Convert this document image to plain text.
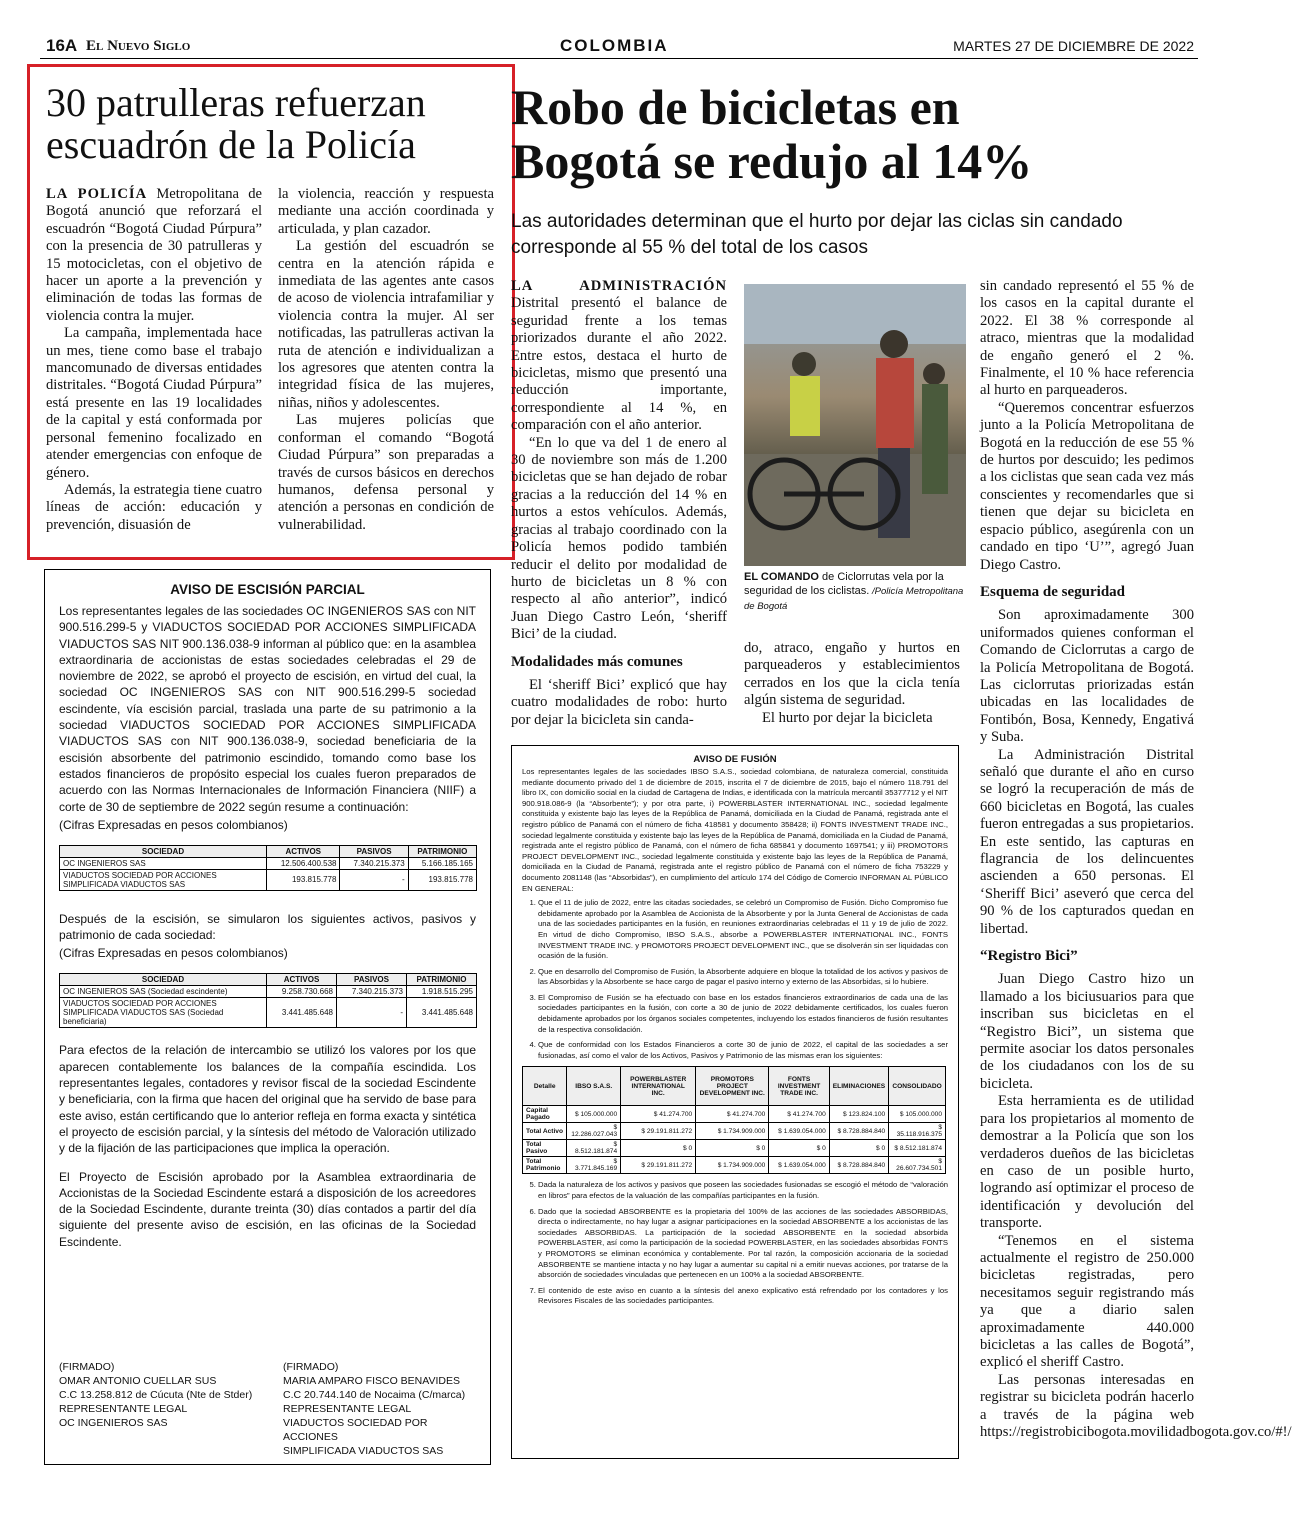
16A El Nuevo Siglo	COLOMBIA	MARTES 27 DE DICIEMBRE DE 2022
30 patrulleras refuerzan
escuadrón de la Policía

LA POLICÍA Metropolitana de Bogotá anunció que reforzará el escuadrón “Bogotá Ciudad Púrpura” con la presencia de 30 patrulleras y 15 motocicletas, con el objetivo de hacer un aporte a la prevención y eliminación de todas las formas de violencia contra la mujer.

La campaña, implementada hace un mes, tiene como base el trabajo mancomunado de diversas entidades distritales. “Bogotá Ciudad Púrpura” está presente en las 19 localidades de la capital y está conformada por personal femenino focalizado en atender emergencias con enfoque de género.

Además, la estrategia tiene cuatro líneas de acción: educación y prevención, disuasión de

la violencia, reacción y respuesta mediante una acción coordinada y articulada, y plan cazador.

La gestión del escuadrón se centra en la atención rápida e inmediata de las agentes ante casos de acoso de violencia intrafamiliar y violencia contra la mujer. Al ser notificadas, las patrulleras activan la ruta de atención e individualizan a los agresores que atenten contra la integridad física de las mujeres, niñas, niños y adolescentes.

Las mujeres policías que conforman el comando “Bogotá Ciudad Púrpura” son preparadas a través de cursos básicos en derechos humanos, defensa personal y atención a personas en condición de vulnerabilidad.

Robo de bicicletas en
Bogotá se redujo al 14%
Las autoridades determinan que el hurto por dejar las ciclas sin candado
corresponde al 55 % del total de los casos

LA ADMINISTRACIÓN Distrital presentó el balance de seguridad frente a los temas priorizados durante el año 2022. Entre estos, destaca el hurto de bicicletas, mismo que presentó una reducción importante, correspondiente al 14 %, en comparación con el año anterior.

“En lo que va del 1 de enero al 30 de noviembre son más de 1.200 bicicletas que se han dejado de robar gracias a la reducción del 14 % en hurtos a estos vehículos. Además, gracias al trabajo coordinado con la Policía hemos podido también reducir el delito por modalidad de hurto de bicicletas un 8 % con respecto al año anterior”, indicó Juan Diego Castro León, ‘sheriff Bici’ de la ciudad.

Modalidades más comunes

El ‘sheriff Bici’ explicó que hay cuatro modalidades de robo: hurto por dejar la bicicleta sin canda-

EL COMANDO de Ciclorrutas vela por la seguridad de los ciclistas. /Policía Metropolitana de Bogotá

do, atraco, engaño y hurtos en parqueaderos y establecimientos cerrados en los que la cicla tenía algún sistema de seguridad.

El hurto por dejar la bicicleta

sin candado representó el 55 % de los casos en la capital durante el 2022. El 38 % corresponde al atraco, mientras que la modalidad de engaño generó el 2 %. Finalmente, el 10 % hace referencia al hurto en parqueaderos.

“Queremos concentrar esfuerzos junto a la Policía Metropolitana de Bogotá en la reducción de ese 55 % de hurtos por descuido; les pedimos a los ciclistas que sean cada vez más conscientes y recomendarles que si tienen que dejar su bicicleta en espacio público, asegúrenla con un candado en tipo ‘U’”, agregó Juan Diego Castro.

Esquema de seguridad

Son aproximadamente 300 uniformados quienes conforman el Comando de Ciclorrutas a cargo de la Policía Metropolitana de Bogotá. Las ciclorrutas priorizadas están ubicadas en las localidades de Fontibón, Bosa, Kennedy, Engativá y Suba.

La Administración Distrital señaló que durante el año en curso se logró la recuperación de más de 660 bicicletas en Bogotá, las cuales fueron entregadas a sus propietarios. En este sentido, las capturas en flagrancia de los delincuentes ascienden a 650 personas. El ‘Sheriff Bici’ aseveró que cerca del 90 % de los capturados quedan en libertad.

“Registro Bici”

Juan Diego Castro hizo un llamado a los biciusuarios para que inscriban sus bicicletas en el “Registro Bici”, un sistema que permite asociar los datos personales de los ciudadanos con los de su bicicleta.

Esta herramienta es de utilidad para los propietarios al momento de demostrar a la Policía que son los verdaderos dueños de las bicicletas en caso de un posible hurto, logrando así optimizar el proceso de identificación y devolución del transporte.

“Tenemos en el sistema actualmente el registro de 250.000 bicicletas registradas, pero necesitamos seguir registrando más ya que a diario salen aproximadamente 440.000 bicicletas a las calles de Bogotá”, explicó el sheriff Castro.

Las personas interesadas en registrar su bicicleta podrán hacerlo a través de la página web https://registrobicibogota.movilidadbogota.gov.co/#!/

AVISO DE ESCISIÓN PARCIAL
Los representantes legales de las sociedades OC INGENIEROS SAS con NIT 900.516.299-5 y VIADUCTOS SOCIEDAD POR ACCIONES SIMPLIFICADA VIADUCTOS SAS NIT 900.136.038-9 informan al público que: en la asamblea extraordinaria de accionistas de estas sociedades celebradas el 29 de noviembre de 2022, se aprobó el proyecto de escisión, en virtud del cual, la sociedad OC INGENIEROS SAS con NIT 900.516.299-5 sociedad escindente, vía escisión parcial, traslada una parte de su patrimonio a la sociedad VIADUCTOS SOCIEDAD POR ACCIONES SIMPLIFICADA VIADUCTOS SAS con NIT 900.136.038-9, sociedad beneficiaria de la escisión absorbente del patrimonio escindido, tomando como base los estados financieros de propósito especial los cuales fueron preparados de acuerdo con las Normas Internacionales de Información Financiera (NIIF) a corte de 30 de septiembre de 2022 según resume a continuación:
(Cifras Expresadas en pesos colombianos)
SOCIEDAD	ACTIVOS	PASIVOS	PATRIMONIO
OC INGENIEROS SAS	12.506.400.538	7.340.215.373	5.166.185.165
VIADUCTOS SOCIEDAD POR ACCIONES SIMPLIFICADA VIADUCTOS SAS	193.815.778	-	193.815.778
Después de la escisión, se simularon los siguientes activos, pasivos y patrimonio de cada sociedad:
(Cifras Expresadas en pesos colombianos)
SOCIEDAD	ACTIVOS	PASIVOS	PATRIMONIO
OC INGENIEROS SAS (Sociedad escindente)	9.258.730.668	7.340.215.373	1.918.515.295
VIADUCTOS SOCIEDAD POR ACCIONES SIMPLIFICADA VIADUCTOS SAS (Sociedad beneficiaria)	3.441.485.648	-	3.441.485.648
Para efectos de la relación de intercambio se utilizó los valores por los que aparecen contablemente los balances de la compañía escindida. Los representantes legales, contadores y revisor fiscal de la sociedad Escindente y beneficiaria, con la firma que hacen del original que ha servido de base para este aviso, están certificando que lo anterior refleja en forma exacta y sintética el proyecto de escisión parcial, y la síntesis del método de Valoración utilizado y de la fijación de las participaciones que implica la operación.
El Proyecto de Escisión aprobado por la Asamblea extraordinaria de Accionistas de la Sociedad Escindente estará a disposición de los acreedores de la Sociedad Escindente, durante treinta (30) días contados a partir del día siguiente del presente aviso de escisión, en las oficinas de la Sociedad Escindente.
(FIRMADO)
OMAR ANTONIO CUELLAR SUS
C.C 13.258.812 de Cúcuta (Nte de Stder)
REPRESENTANTE LEGAL
OC INGENIEROS SAS
(FIRMADO)
MARIA AMPARO FISCO BENAVIDES
C.C 20.744.140 de Nocaima (C/marca)
REPRESENTANTE LEGAL
VIADUCTOS SOCIEDAD POR ACCIONES
SIMPLIFICADA VIADUCTOS SAS
AVISO DE FUSIÓN
Los representantes legales de las sociedades IBSO S.A.S., sociedad colombiana, de naturaleza comercial, constituida mediante documento privado del 1 de diciembre de 2015, inscrita el 7 de diciembre de 2015, bajo el número 118.791 del libro IX, con domicilio social en la ciudad de Cartagena de Indias, e identificada con la matrícula mercantil 35377712 y el NIT 900.918.086-9 (la “Absorbente”); y por otra parte, i) POWERBLASTER INTERNATIONAL INC., sociedad legalmente constituida y existente bajo las leyes de la República de Panamá, domiciliada en la Ciudad de Panamá, registrada ante el registro público de Panamá con el número de ficha 418581 y documento 358428; ii) FONTS INVESTMENT TRADE INC., sociedad legalmente constituida y existente bajo las leyes de la República de Panamá, domiciliada en la Ciudad de Panamá, registrada ante el registro público de Panamá, con el número de ficha 685841 y documento 1697541; y iii) PROMOTORS PROJECT DEVELOPMENT INC., sociedad legalmente constituida y existente bajo las leyes de la República de Panamá, domiciliada en la Ciudad de Panamá, registrada ante el registro público de Panamá con el número de ficha 753229 y documento 2081148 (las “Absorbidas”), en cumplimiento del artículo 174 del Código de Comercio INFORMAN AL PÚBLICO EN GENERAL:
1. Que el 11 de julio de 2022, entre las citadas sociedades, se celebró un Compromiso de Fusión. Dicho Compromiso fue debidamente aprobado por la Asamblea de Accionista de la Absorbente y por la Junta General de Accionistas de cada una de las sociedades participantes en la fusión, en reuniones extraordinarias celebradas el 11 y 19 de julio de 2022. En virtud de dicho Compromiso, IBSO S.A.S., absorbe a POWERBLASTER INTERNATIONAL INC., FONTS INVESTMENT TRADE INC. y PROMOTORS PROJECT DEVELOPMENT INC., que se disolverán sin ser liquidadas con ocasión de la fusión.
2. Que en desarrollo del Compromiso de Fusión, la Absorbente adquiere en bloque la totalidad de los activos y pasivos de las Absorbidas y la Absorbente se hace cargo de pagar el pasivo interno y externo de las Absorbidas, si lo hubiere.
3. El Compromiso de Fusión se ha efectuado con base en los estados financieros extraordinarios de cada una de las sociedades participantes en la fusión, con corte a 30 de junio de 2022 debidamente certificados, los cuales fueron debidamente aprobados por los órganos sociales competentes, incluyendo los estados financieros de fusión resultantes de la respectiva consolidación.
4. Que de conformidad con los Estados Financieros a corte 30 de junio de 2022, el capital de las sociedades a ser fusionadas, así como el valor de los Activos, Pasivos y Patrimonio de las mismas eran los siguientes:
Detalle	IBSO S.A.S.	POWERBLASTER INTERNATIONAL INC.	PROMOTORS PROJECT DEVELOPMENT INC.	FONTS INVESTMENT TRADE INC.	ELIMINACIONES	CONSOLIDADO
Capital Pagado	$ 105.000.000	$ 41.274.700	$ 41.274.700	$ 41.274.700	$ 123.824.100	$ 105.000.000
Total Activo	$ 12.286.027.043	$ 29.191.811.272	$ 1.734.909.000	$ 1.639.054.000	$ 8.728.884.840	$ 35.118.916.375
Total Pasivo	$ 8.512.181.874	$ 0	$ 0	$ 0	$ 0	$ 8.512.181.874
Total Patrimonio	$ 3.771.845.169	$ 29.191.811.272	$ 1.734.909.000	$ 1.639.054.000	$ 8.728.884.840	$ 26.607.734.501
5. Dada la naturaleza de los activos y pasivos que poseen las sociedades fusionadas se escogió el método de “valoración en libros” para efectos de la valuación de las compañías participantes en la fusión.
6. Dado que la sociedad ABSORBENTE es la propietaria del 100% de las acciones de las sociedades ABSORBIDAS, directa o indirectamente, no hay lugar a asignar participaciones en la sociedad ABSORBENTE a los accionistas de las sociedades ABSORBIDAS. La participación de la sociedad ABSORBENTE en la sociedad absorbida POWERBLASTER, así como la participación de la sociedad POWERBLASTER, en las sociedades absorbidas FONTS y PROMOTORS se eliminan económica y contablemente. Por tal razón, la composición accionaria de la sociedad ABSORBENTE se mantiene intacta y no hay lugar a aumentar su capital ni a emitir nuevas acciones, por tratarse de la absorción de sociedades vinculadas que pertenecen en un 100% a la sociedad ABSORBENTE.
7. El contenido de este aviso en cuanto a la síntesis del anexo explicativo está refrendado por los contadores y los Revisores Fiscales de las sociedades participantes.
